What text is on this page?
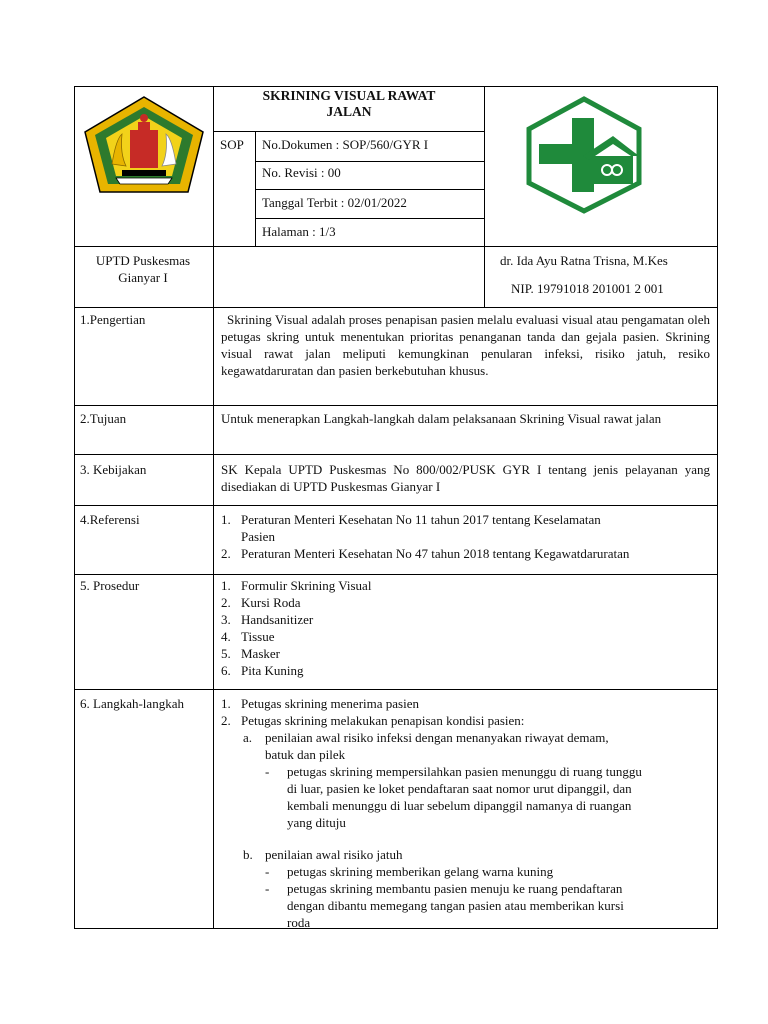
SKRINING VISUAL RAWAT
JALAN
SOP No.Dokumen : SOP/560/GYR I
No. Revisi : 00
Tanggal Terbit : 02/01/2022
Halaman : 1/3
UPTD Puskesmas
Gianyar I
dr. Ida Ayu Ratna Trisna, M.Kes
NIP. 19791018 201001 2 001
1.Pengertian	Skrining Visual adalah proses penapisan pasien melalu evaluasi visual atau pengamatan oleh petugas skring untuk menentukan prioritas penanganan tanda dan gejala pasien. Skrining visual rawat jalan meliputi kemungkinan penularan infeksi, risiko jatuh, resiko kegawatdaruratan dan pasien berkebutuhan khusus.
2.Tujuan	Untuk menerapkan Langkah-langkah dalam pelaksanaan Skrining Visual rawat jalan
3. Kebijakan	SK Kepala UPTD Puskesmas No 800/002/PUSK GYR I tentang jenis pelayanan yang disediakan di UPTD Puskesmas Gianyar I
4.Referensi	1. Peraturan Menteri Kesehatan No 11 tahun 2017 tentang Keselamatan
Pasien
2. Peraturan Menteri Kesehatan No 47 tahun 2018 tentang Kegawatdaruratan
5. Prosedur	1. Formulir Skrining Visual
2. Kursi Roda
3. Handsanitizer
4. Tissue
5. Masker
6. Pita Kuning
6. Langkah-langkah	1. Petugas skrining menerima pasien
2. Petugas skrining melakukan penapisan kondisi pasien:
a. penilaian awal risiko infeksi dengan menanyakan riwayat demam,
batuk dan pilek
- petugas skrining mempersilahkan pasien menunggu di ruang tunggu
di luar, pasien ke loket pendaftaran saat nomor urut dipanggil, dan
kembali menunggu di luar sebelum dipanggil namanya di ruangan
yang dituju
b. penilaian awal risiko jatuh
- petugas skrining memberikan gelang warna kuning
- petugas skrining membantu pasien menuju ke ruang pendaftaran
dengan dibantu memegang tangan pasien atau memberikan kursi
roda
